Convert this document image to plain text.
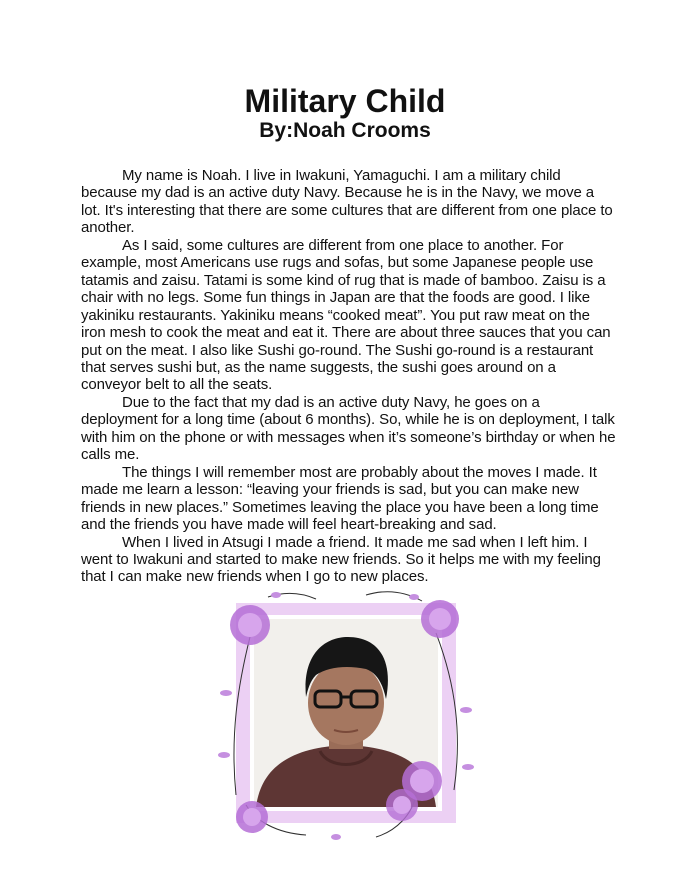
Military Child
By:Noah Crooms

My name is Noah. I live in Iwakuni, Yamaguchi. I am a military child because my dad is an active duty Navy. Because he is in the Navy, we move a lot. It's interesting that there are some cultures that are different from one place to another.

As I said, some cultures are different from one place to another. For example, most Americans use rugs and sofas, but some Japanese people use tatamis and zaisu. Tatami is some kind of rug that is made of bamboo. Zaisu is a chair with no legs. Some fun things in Japan are that the foods are good. I like yakiniku restaurants. Yakiniku means “cooked meat”. You put raw meat on the iron mesh to cook the meat and eat it. There are about three sauces that you can put on the meat. I also like Sushi go-round. The Sushi go-round is a restaurant that serves sushi but, as the name suggests, the sushi goes around on a conveyor belt to all the seats.

Due to the fact that my dad is an active duty Navy, he goes on a deployment for a long time (about 6 months). So, while he is on deployment, I talk with him on the phone or with messages when it’s someone’s birthday or when he calls me.

The things I will remember most are probably about the moves I made. It made me learn a lesson: “leaving your friends is sad, but you can make new friends in new places.” Sometimes leaving the place you have been a long time and the friends you have made will feel heart-breaking and sad.

When I lived in Atsugi I made a friend. It made me sad when I left him. I went to Iwakuni and started to make new friends. So it helps me with my feeling that I can make new friends when I go to new places.
